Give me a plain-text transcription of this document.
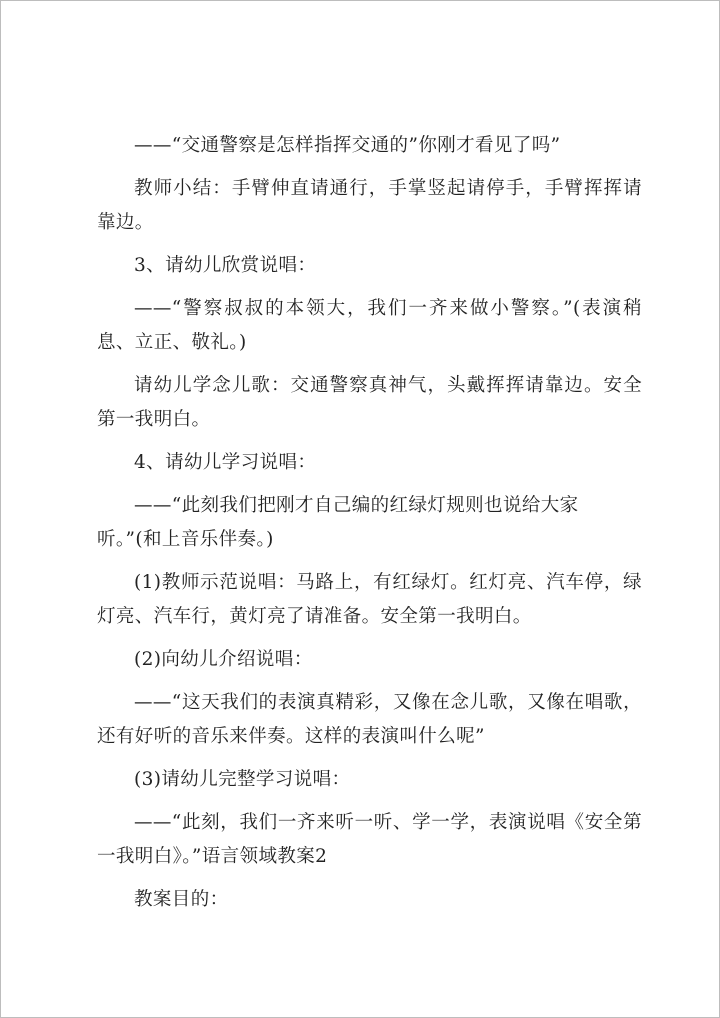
——“交通警察是怎样指挥交通的”你刚才看见了吗”

教师小结：手臂伸直请通行，手掌竖起请停手，手臂挥挥请靠边。

3、请幼儿欣赏说唱：

——“警察叔叔的本领大，我们一齐来做小警察。”(表演稍息、立正、敬礼。)

请幼儿学念儿歌：交通警察真神气，头戴挥挥请靠边。安全第一我明白。

4、请幼儿学习说唱：

——“此刻我们把刚才自己编的红绿灯规则也说给大家听。”(和上音乐伴奏。)

(1)教师示范说唱：马路上，有红绿灯。红灯亮、汽车停，绿灯亮、汽车行，黄灯亮了请准备。安全第一我明白。

(2)向幼儿介绍说唱：

——“这天我们的表演真精彩，又像在念儿歌，又像在唱歌，还有好听的音乐来伴奏。这样的表演叫什么呢”

(3)请幼儿完整学习说唱：

——“此刻，我们一齐来听一听、学一学，表演说唱《安全第一我明白》。”语言领域教案2

教案目的：
